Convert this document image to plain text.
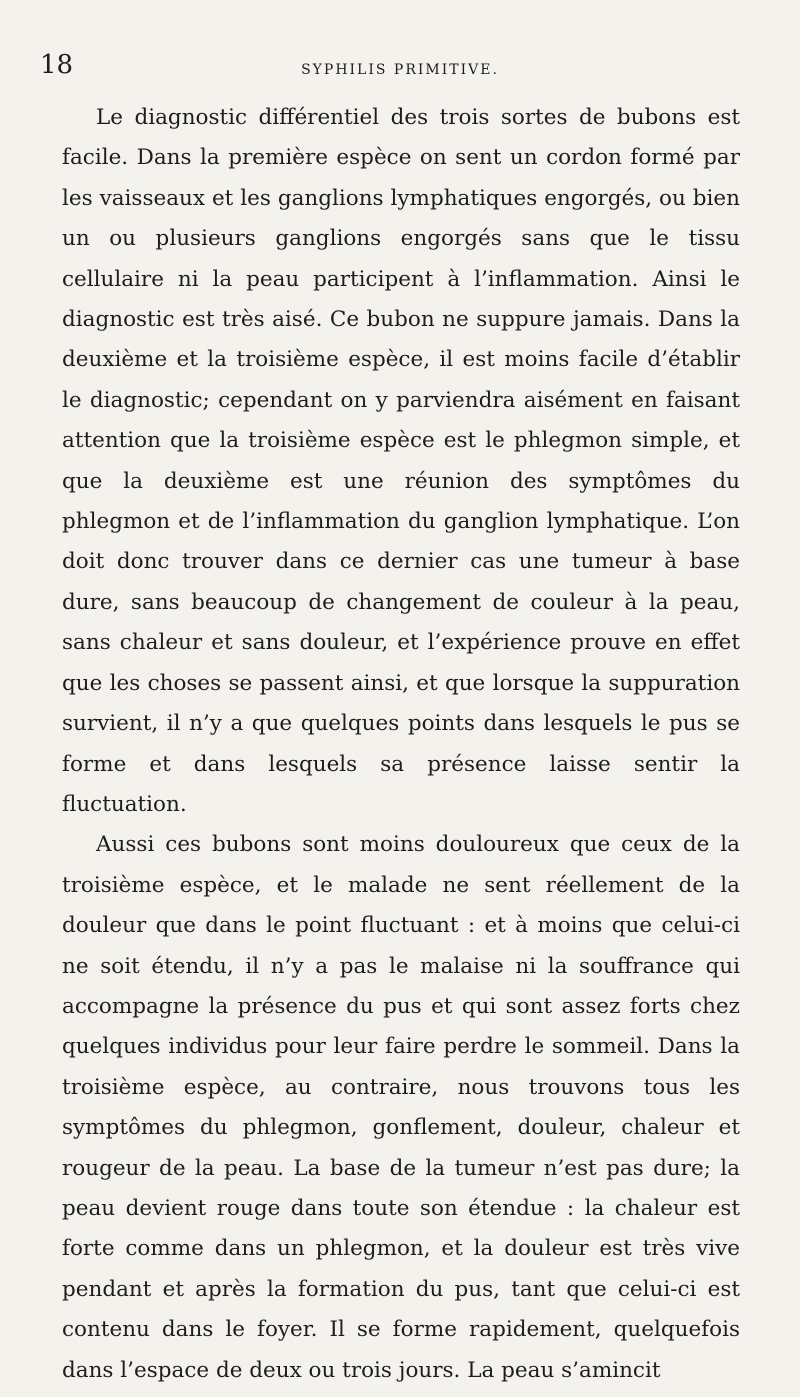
18	SYPHILIS PRIMITIVE.

Le diagnostic différentiel des trois sortes de bubons est facile. Dans la première espèce on sent un cordon formé par les vaisseaux et les ganglions lymphatiques engorgés, ou bien un ou plusieurs ganglions engorgés sans que le tissu cellulaire ni la peau participent à l’inflammation. Ainsi le diagnostic est très aisé. Ce bubon ne suppure jamais. Dans la deuxième et la troisième espèce, il est moins facile d’établir le diagnostic; cependant on y parviendra aisément en faisant attention que la troisième espèce est le phlegmon simple, et que la deuxième est une réunion des symptômes du phlegmon et de l’inflammation du ganglion lymphatique. L’on doit donc trouver dans ce dernier cas une tumeur à base dure, sans beaucoup de changement de couleur à la peau, sans chaleur et sans douleur, et l’expérience prouve en effet que les choses se passent ainsi, et que lorsque la suppuration survient, il n’y a que quelques points dans lesquels le pus se forme et dans lesquels sa présence laisse sentir la fluctuation.

Aussi ces bubons sont moins douloureux que ceux de la troisième espèce, et le malade ne sent réellement de la douleur que dans le point fluctuant : et à moins que celui-ci ne soit étendu, il n’y a pas le malaise ni la souffrance qui accompagne la présence du pus et qui sont assez forts chez quelques individus pour leur faire perdre le sommeil. Dans la troisième espèce, au contraire, nous trouvons tous les symptômes du phlegmon, gonflement, douleur, chaleur et rougeur de la peau. La base de la tumeur n’est pas dure; la peau devient rouge dans toute son étendue : la chaleur est forte comme dans un phlegmon, et la douleur est très vive pendant et après la formation du pus, tant que celui-ci est contenu dans le foyer. Il se forme rapidement, quelquefois dans l’espace de deux ou trois jours. La peau s’amincit
